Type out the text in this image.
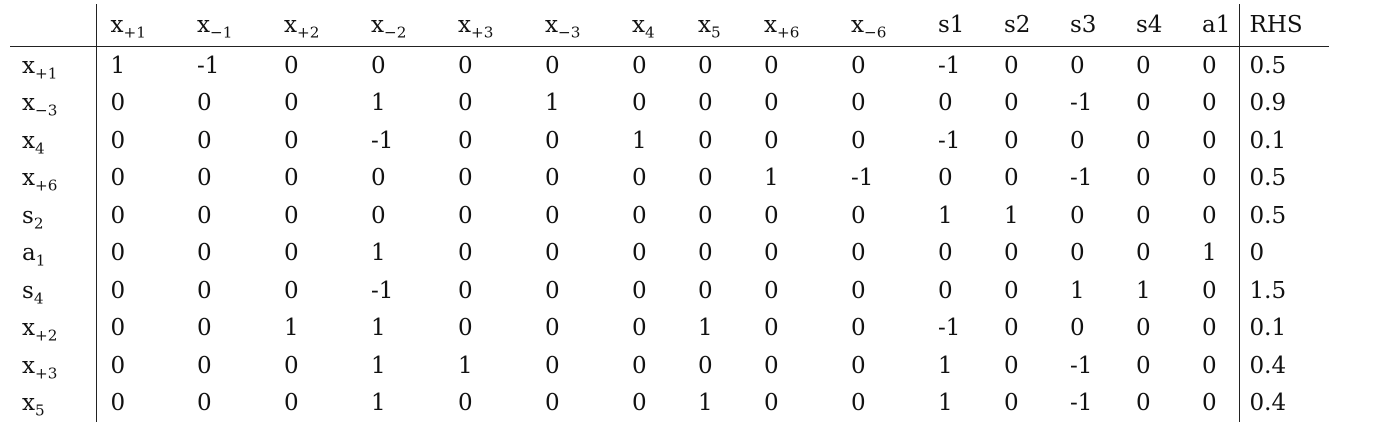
	$x_{+1}$	$x_{-1}$	$x_{+2}$	$x_{-2}$	$x_{+3}$	$x_{-3}$	$x_4$	$x_5$	$x_{+6}$	$x_{-6}$	s1	s2	s3	s4	a1	RHS
$x_{+1}$	1	-1	0	0	0	0	0	0	0	0	-1	0	0	0	0	0.5
$x_{-3}$	0	0	0	1	0	1	0	0	0	0	0	0	-1	0	0	0.9
$x_4$	0	0	0	-1	0	0	1	0	0	0	-1	0	0	0	0	0.1
$x_{+6}$	0	0	0	0	0	0	0	0	1	-1	0	0	-1	0	0	0.5
$s_2$	0	0	0	0	0	0	0	0	0	0	1	1	0	0	0	0.5
$a_1$	0	0	0	1	0	0	0	0	0	0	0	0	0	0	1	0
$s_4$	0	0	0	-1	0	0	0	0	0	0	0	0	1	1	0	1.5
$x_{+2}$	0	0	1	1	0	0	0	1	0	0	-1	0	0	0	0	0.1
$x_{+3}$	0	0	0	1	1	0	0	0	0	0	1	0	-1	0	0	0.4
$x_5$	0	0	0	1	0	0	0	1	0	0	1	0	-1	0	0	0.4
